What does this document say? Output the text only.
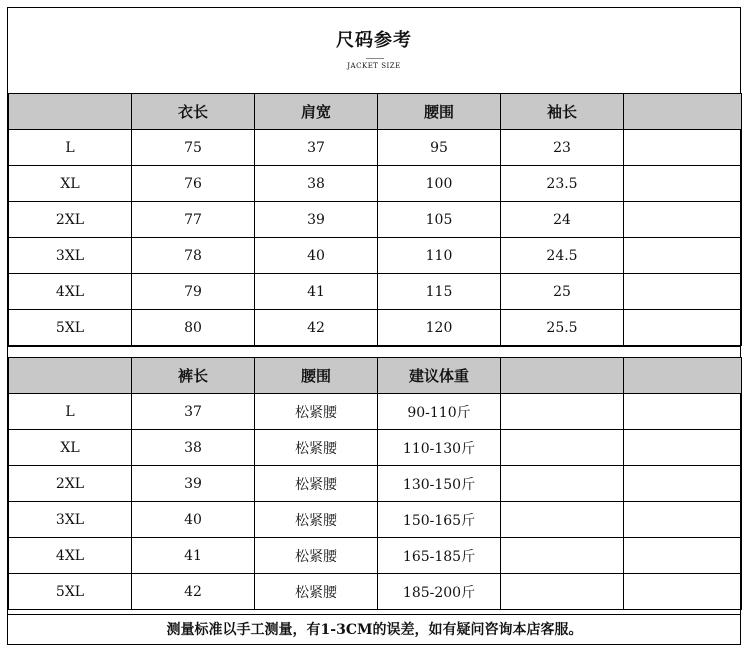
尺码参考
JACKET SIZE
	衣长	肩宽	腰围	袖长	
L	75	37	95	23	
XL	76	38	100	23.5	
2XL	77	39	105	24	
3XL	78	40	110	24.5	
4XL	79	41	115	25	
5XL	80	42	120	25.5	
	裤长	腰围	建议体重		
L	37	松紧腰	90-110斤		
XL	38	松紧腰	110-130斤		
2XL	39	松紧腰	130-150斤		
3XL	40	松紧腰	150-165斤		
4XL	41	松紧腰	165-185斤		
5XL	42	松紧腰	185-200斤		
测量标准以手工测量，有1-3CM的误差，如有疑问咨询本店客服。
